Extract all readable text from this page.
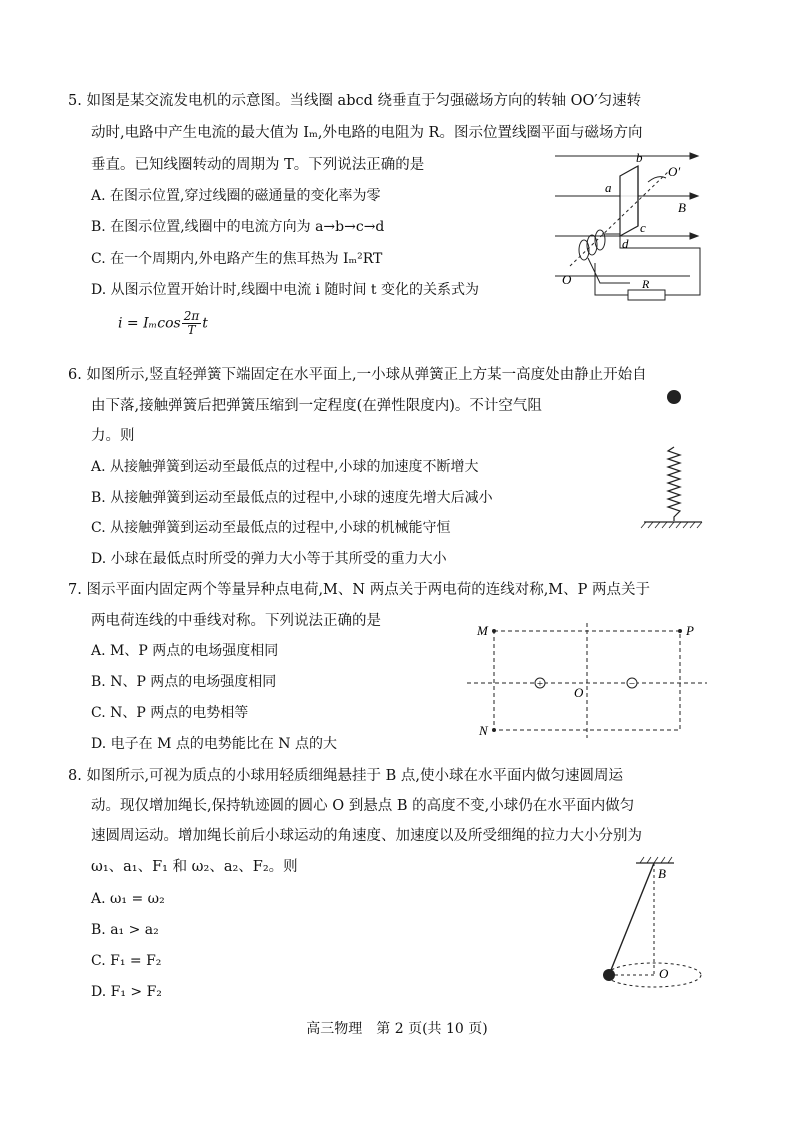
5. 如图是某交流发电机的示意图。当线圈 abcd 绕垂直于匀强磁场方向的转轴 OO′匀速转
动时,电路中产生电流的最大值为 Iₘ,外电路的电阻为 R。图示位置线圈平面与磁场方向
垂直。已知线圈转动的周期为 T。下列说法正确的是
A. 在图示位置,穿过线圈的磁通量的变化率为零
B. 在图示位置,线圈中的电流方向为 a→b→c→d
C. 在一个周期内,外电路产生的焦耳热为 Iₘ²RT
D. 从图示位置开始计时,线圈中电流 i 随时间 t 变化的关系式为
i = Iₘcos $\frac{2\pi}{T}$ t
b
O′
a
B
c
d
O	R
6. 如图所示,竖直轻弹簧下端固定在水平面上,一小球从弹簧正上方某一高度处由静止开始自
由下落,接触弹簧后把弹簧压缩到一定程度(在弹性限度内)。不计空气阻
力。则
A. 从接触弹簧到运动至最低点的过程中,小球的加速度不断增大
B. 从接触弹簧到运动至最低点的过程中,小球的速度先增大后减小
C. 从接触弹簧到运动至最低点的过程中,小球的机械能守恒
D. 小球在最低点时所受的弹力大小等于其所受的重力大小
7. 图示平面内固定两个等量异种点电荷,M、N 两点关于两电荷的连线对称,M、P 两点关于
两电荷连线的中垂线对称。下列说法正确的是
A. M、P 两点的电场强度相同
B. N、P 两点的电场强度相同
C. N、P 两点的电势相等
D. 电子在 M 点的电势能比在 N 点的大
+	−
M	P
N
O
8. 如图所示,可视为质点的小球用轻质细绳悬挂于 B 点,使小球在水平面内做匀速圆周运
动。现仅增加绳长,保持轨迹圆的圆心 O 到悬点 B 的高度不变,小球仍在水平面内做匀
速圆周运动。增加绳长前后小球运动的角速度、加速度以及所受细绳的拉力大小分别为
ω₁、a₁、F₁ 和 ω₂、a₂、F₂。则
A. ω₁ = ω₂
B. a₁ > a₂
C. F₁ = F₂
D. F₁ > F₂
B
O
高三物理　第 2 页(共 10 页)
